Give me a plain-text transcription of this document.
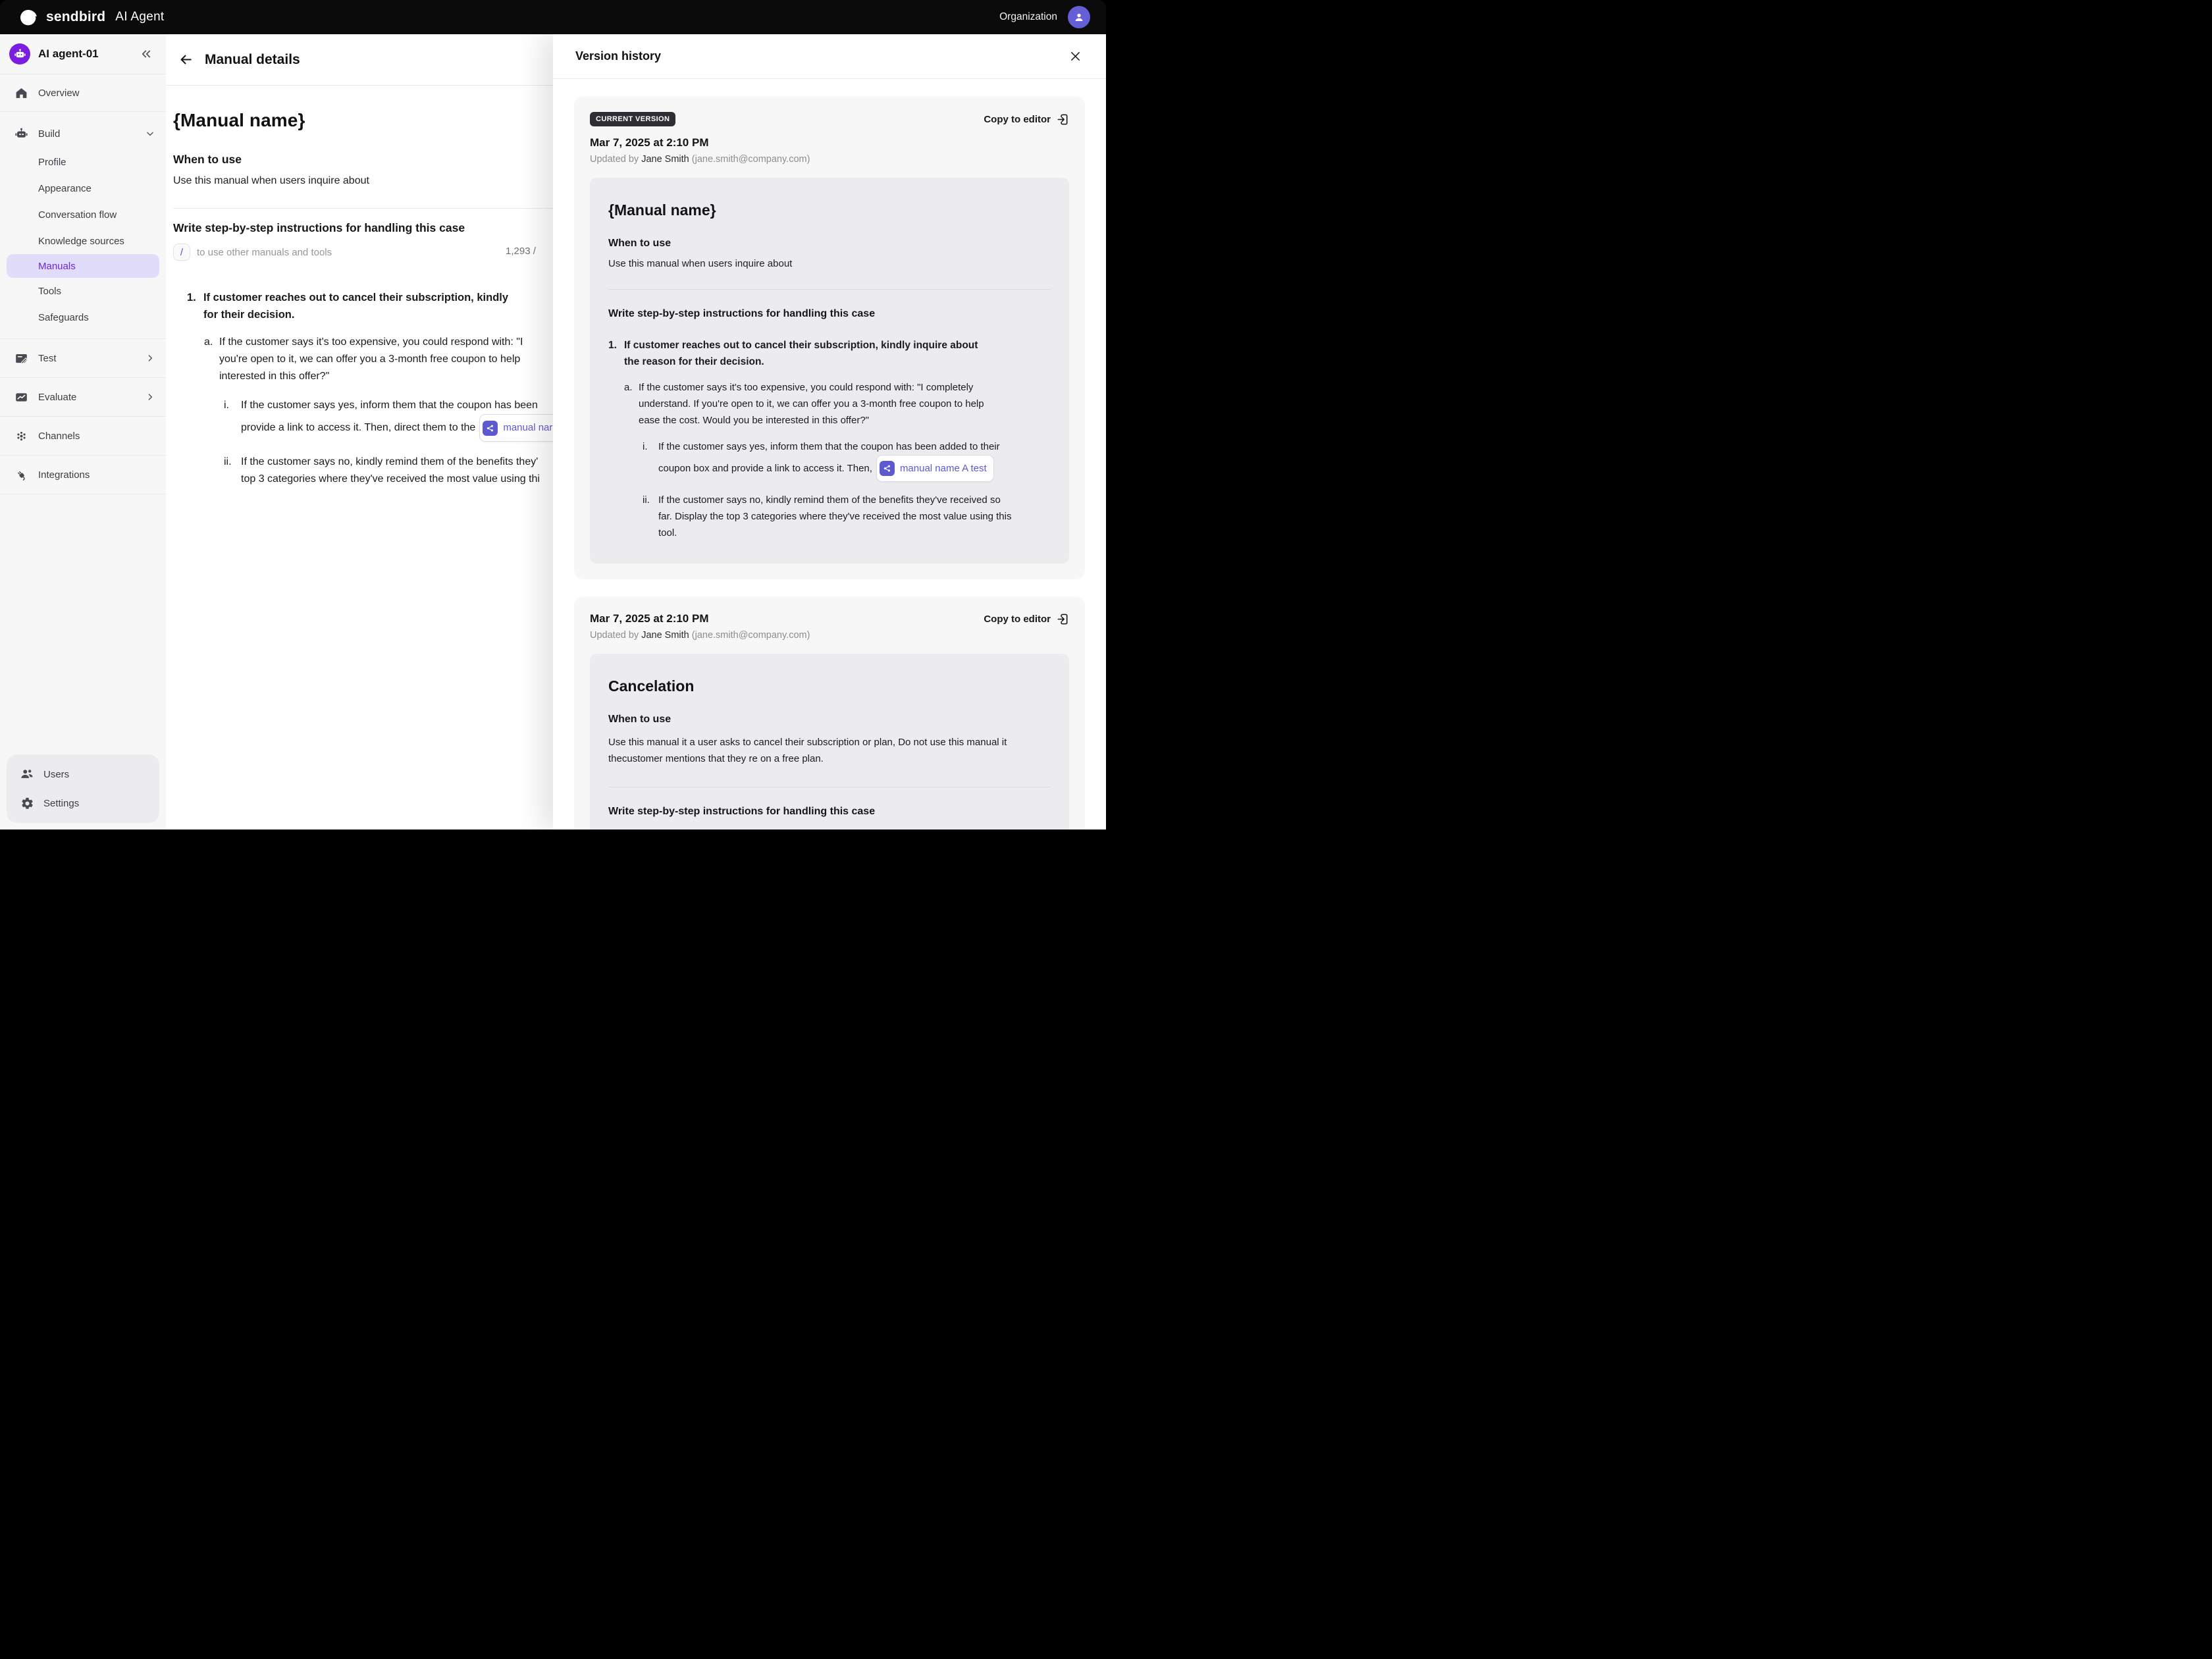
sendbird AI Agent	Organization
AI agent-01
Overview
Build
Profile
Appearance
Conversation flow
Knowledge sources
Manuals
Tools
Safeguards
Test
Evaluate
Channels
Integrations
Users
Settings
Manual details
{Manual name}
When to use
Use this manual when users inquire about
Write step-by-step instructions for handling this case
/	to use other manuals and tools	1,293 /
1. If customer reaches out to cancel their subscription, kindly
for their decision.
a. If the customer says it's too expensive, you could respond with: "I
you're open to it, we can offer you a 3-month free coupon to help
interested in this offer?"
i.	If the customer says yes, inform them that the coupon has been
provide a link to access it. Then, direct them to the	manual nar
ii. If the customer says no, kindly remind them of the benefits they'
top 3 categories where they've received the most value using thi
Version history
CURRENT VERSION	Copy to editor
Mar 7, 2025 at 2:10 PM
Updated by Jane Smith (jane.smith@company.com)
{Manual name}
When to use
Use this manual when users inquire about
Write step-by-step instructions for handling this case
1. If customer reaches out to cancel their subscription, kindly inquire about
the reason for their decision.
a. If the customer says it's too expensive, you could respond with: "I completely
understand. If you're open to it, we can offer you a 3-month free coupon to help
ease the cost. Would you be interested in this offer?"
i.	If the customer says yes, inform them that the coupon has been added to their
coupon box and provide a link to access it. Then,	manual name A test
ii. If the customer says no, kindly remind them of the benefits they've received so
far. Display the top 3 categories where they've received the most value using this
tool.
Mar 7, 2025 at 2:10 PM	Copy to editor
Updated by Jane Smith (jane.smith@company.com)
Cancelation
When to use
Use this manual it a user asks to cancel their subscription or plan, Do not use this manual it
thecustomer mentions that they re on a free plan.
Write step-by-step instructions for handling this case
